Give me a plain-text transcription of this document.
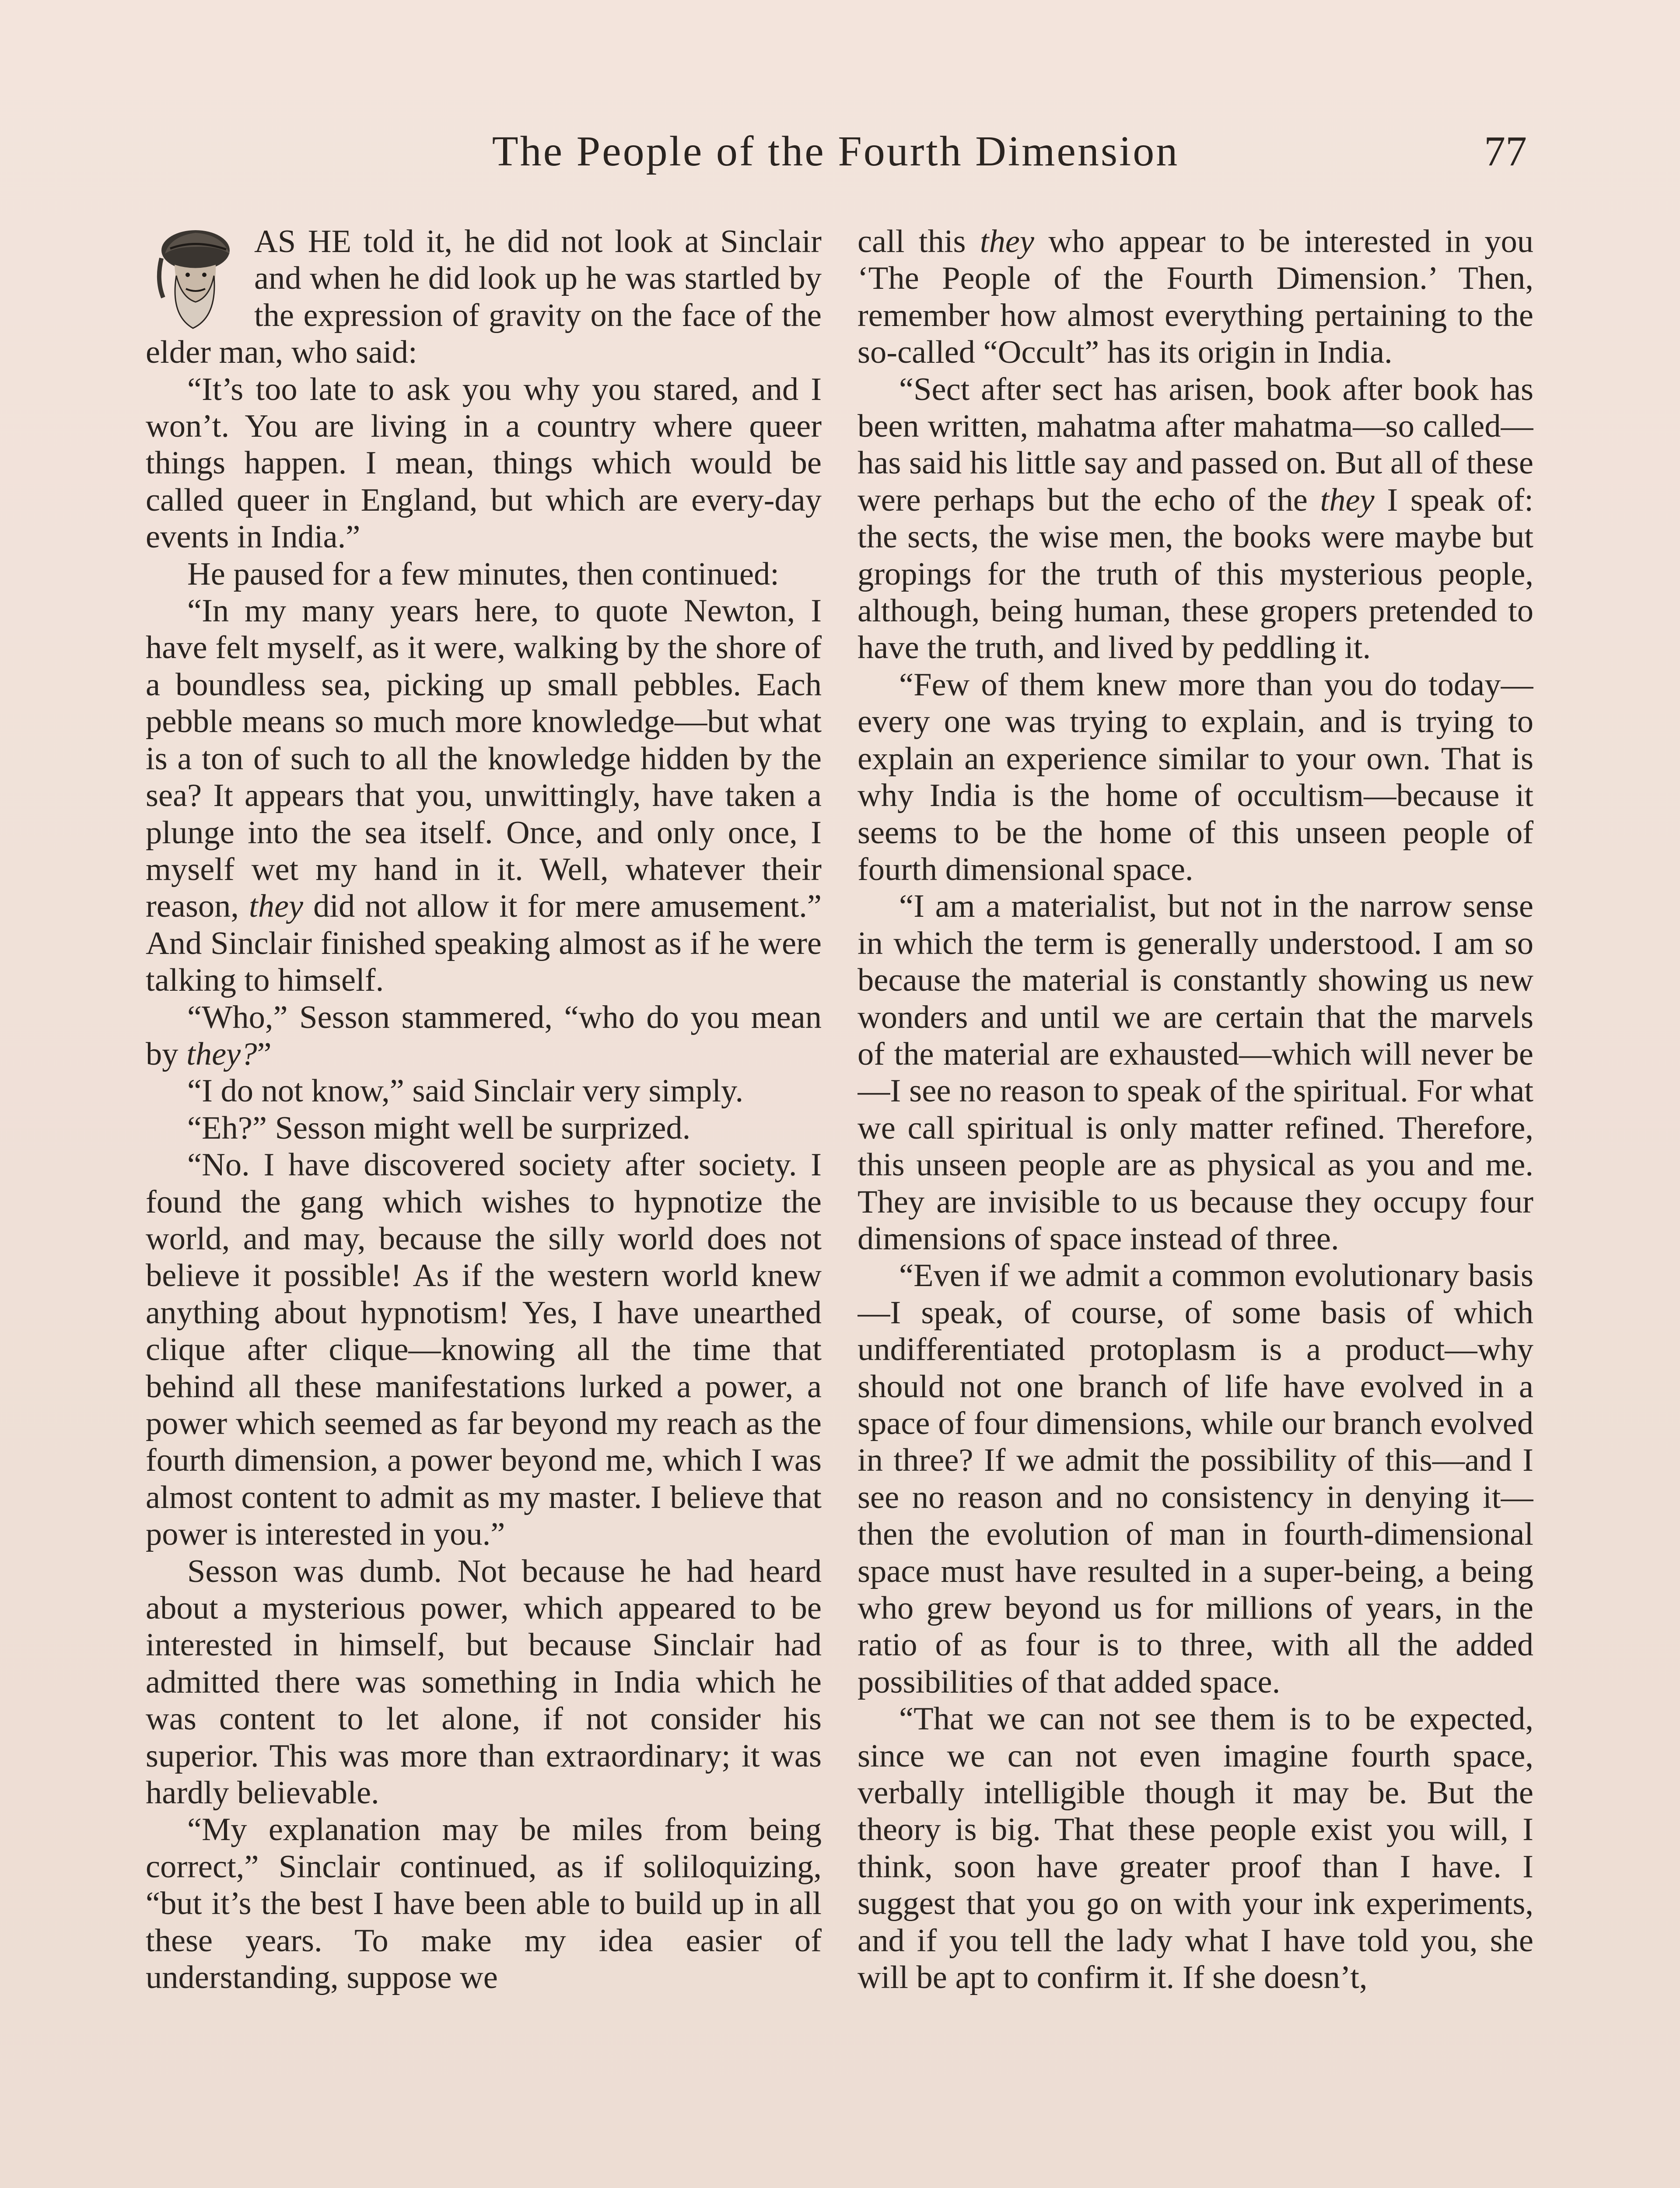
The People of the Fourth Dimension	77

AS HE told it, he did not look at Sinclair and when he did look up he was startled by the expression of gravity on the face of the elder man, who said:

“It’s too late to ask you why you stared, and I won’t. You are living in a country where queer things happen. I mean, things which would be called queer in England, but which are every-day events in India.”

He paused for a few minutes, then continued:

“In my many years here, to quote Newton, I have felt myself, as it were, walking by the shore of a boundless sea, picking up small pebbles. Each pebble means so much more knowledge—but what is a ton of such to all the knowledge hidden by the sea? It appears that you, unwittingly, have taken a plunge into the sea itself. Once, and only once, I myself wet my hand in it. Well, whatever their reason, they did not allow it for mere amusement.” And Sinclair finished speaking almost as if he were talking to himself.

“Who,” Sesson stammered, “who do you mean by they?”

“I do not know,” said Sinclair very simply.

“Eh?” Sesson might well be surprized.

“No. I have discovered society after society. I found the gang which wishes to hypnotize the world, and may, because the silly world does not believe it possible! As if the western world knew anything about hypnotism! Yes, I have unearthed clique after clique—knowing all the time that behind all these manifestations lurked a power, a power which seemed as far beyond my reach as the fourth dimension, a power beyond me, which I was almost content to admit as my master. I believe that power is interested in you.”

Sesson was dumb. Not because he had heard about a mysterious power, which appeared to be interested in himself, but because Sinclair had admitted there was something in India which he was content to let alone, if not consider his superior. This was more than extraordinary; it was hardly believable.

“My explanation may be miles from being correct,” Sinclair continued, as if soliloquizing, “but it’s the best I have been able to build up in all these years. To make my idea easier of understanding, suppose we

call this they who appear to be interested in you ‘The People of the Fourth Dimension.’ Then, remember how almost everything pertaining to the so-called “Occult” has its origin in India.

“Sect after sect has arisen, book after book has been written, mahatma after mahatma—so called—has said his little say and passed on. But all of these were perhaps but the echo of the they I speak of: the sects, the wise men, the books were maybe but gropings for the truth of this mysterious people, although, being human, these gropers pretended to have the truth, and lived by peddling it.

“Few of them knew more than you do today—every one was trying to explain, and is trying to explain an experience similar to your own. That is why India is the home of occultism—because it seems to be the home of this unseen people of fourth dimensional space.

“I am a materialist, but not in the narrow sense in which the term is generally understood. I am so because the material is constantly showing us new wonders and until we are certain that the marvels of the material are exhausted—which will never be—I see no reason to speak of the spiritual. For what we call spiritual is only matter refined. Therefore, this unseen people are as physical as you and me. They are invisible to us because they occupy four dimensions of space instead of three.

“Even if we admit a common evolutionary basis—I speak, of course, of some basis of which undifferentiated protoplasm is a product—why should not one branch of life have evolved in a space of four dimensions, while our branch evolved in three? If we admit the possibility of this—and I see no reason and no consistency in denying it—then the evolution of man in fourth-dimensional space must have resulted in a super-being, a being who grew beyond us for millions of years, in the ratio of as four is to three, with all the added possibilities of that added space.

“That we can not see them is to be expected, since we can not even imagine fourth space, verbally intelligible though it may be. But the theory is big. That these people exist you will, I think, soon have greater proof than I have. I suggest that you go on with your ink experiments, and if you tell the lady what I have told you, she will be apt to confirm it. If she doesn’t,
